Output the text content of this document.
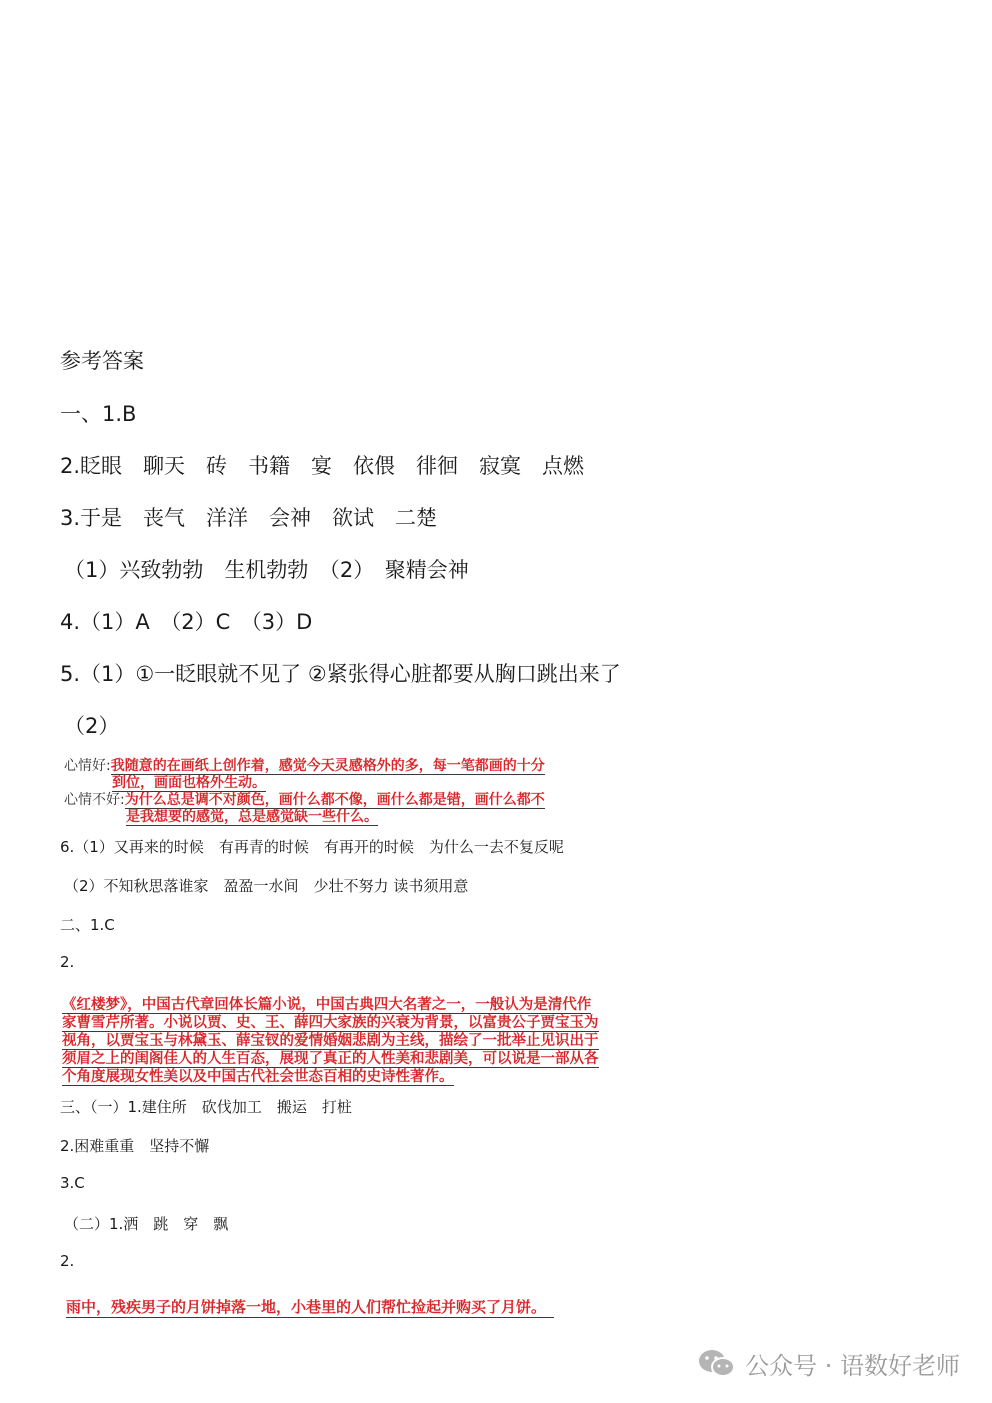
参考答案
一、1.B
2.眨眼　聊天　砖　书籍　宴　依偎　徘徊　寂寞　点燃
3.于是　丧气　洋洋　会神　欲试　二楚
（1）兴致勃勃　生机勃勃　（2）　聚精会神
4.（1）A　（2）C　（3）D
5.（1）①一眨眼就不见了 ②紧张得心脏都要从胸口跳出来了
（2）
心情好:我随意的在画纸上创作着，感觉今天灵感格外的多，每一笔都画的十分
到位，画面也格外生动。
心情不好:为什么总是调不对颜色，画什么都不像，画什么都是错，画什么都不
是我想要的感觉，总是感觉缺一些什么。
6.（1）又再来的时候　有再青的时候　有再开的时候　为什么一去不复反呢
（2）不知秋思落谁家　盈盈一水间　少壮不努力 读书须用意
二、1.C
2.
《红楼梦》，中国古代章回体长篇小说，中国古典四大名著之一，一般认为是清代作
家曹雪芹所著。小说以贾、史、王、薛四大家族的兴衰为背景，以富贵公子贾宝玉为
视角，以贾宝玉与林黛玉、薛宝钗的爱情婚姻悲剧为主线，描绘了一批举止见识出于
须眉之上的闺阁佳人的人生百态，展现了真正的人性美和悲剧美，可以说是一部从各
个角度展现女性美以及中国古代社会世态百相的史诗性著作。
三、（一）1.建住所　砍伐加工　搬运　打桩
2.困难重重　坚持不懈
3.C
（二）1.洒　跳　穿　飘
2.
雨中，残疾男子的月饼掉落一地，小巷里的人们帮忙捡起并购买了月饼。
公众号 · 语数好老师
